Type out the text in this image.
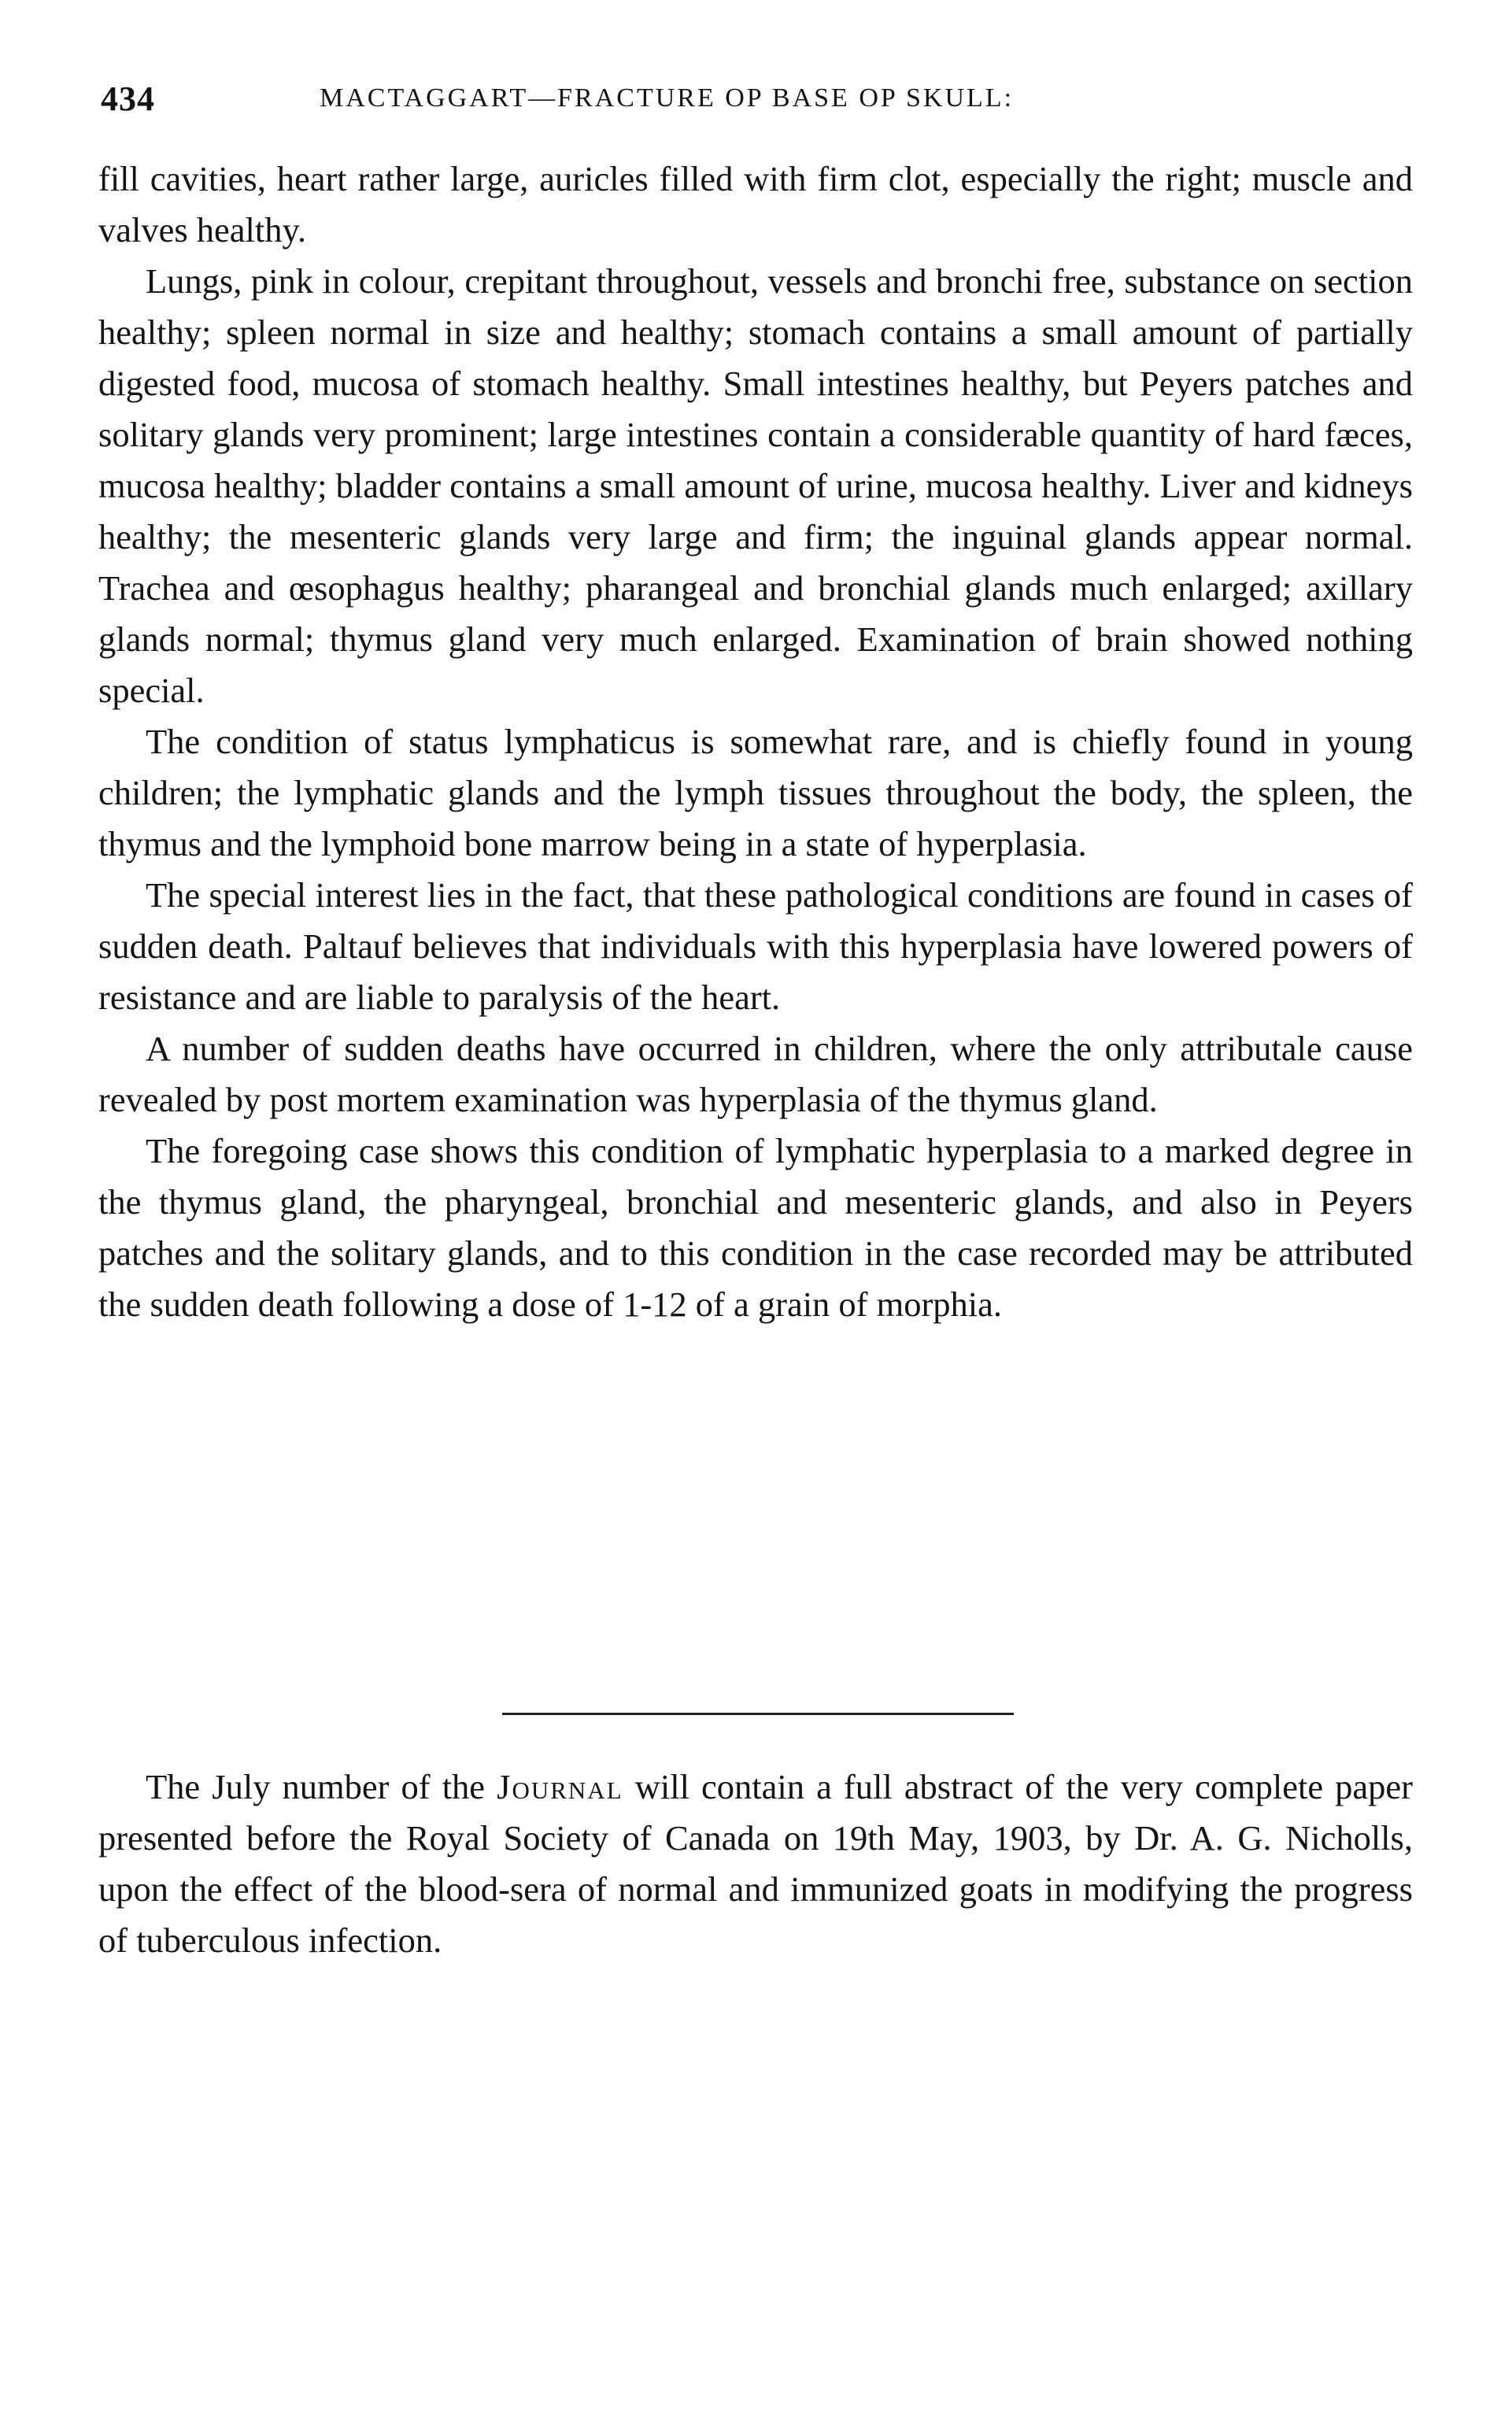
434	MACTAGGART—FRACTURE OP BASE OP SKULL:

fill cavities, heart rather large, auricles filled with firm clot, especially the right; muscle and valves healthy.

Lungs, pink in colour, crepitant throughout, vessels and bronchi free, substance on section healthy; spleen normal in size and healthy; stomach contains a small amount of partially digested food, mucosa of stomach healthy. Small intestines healthy, but Peyers patches and solitary glands very prominent; large intestines contain a considerable quantity of hard fæces, mucosa healthy; bladder contains a small amount of urine, mucosa healthy. Liver and kidneys healthy; the mesenteric glands very large and firm; the inguinal glands appear normal. Trachea and œsophagus healthy; pharangeal and bronchial glands much enlarged; axillary glands normal; thymus gland very much enlarged. Examination of brain showed nothing special.

The condition of status lymphaticus is somewhat rare, and is chiefly found in young children; the lymphatic glands and the lymph tissues throughout the body, the spleen, the thymus and the lymphoid bone marrow being in a state of hyperplasia.

The special interest lies in the fact, that these pathological conditions are found in cases of sudden death. Paltauf believes that individuals with this hyperplasia have lowered powers of resistance and are liable to paralysis of the heart.

A number of sudden deaths have occurred in children, where the only attributale cause revealed by post mortem examination was hyperplasia of the thymus gland.

The foregoing case shows this condition of lymphatic hyperplasia to a marked degree in the thymus gland, the pharyngeal, bronchial and mesenteric glands, and also in Peyers patches and the solitary glands, and to this condition in the case recorded may be attributed the sudden death following a dose of 1-12 of a grain of morphia.

The July number of the Journal will contain a full abstract of the very complete paper presented before the Royal Society of Canada on 19th May, 1903, by Dr. A. G. Nicholls, upon the effect of the blood-sera of normal and immunized goats in modifying the progress of tuberculous infection.
